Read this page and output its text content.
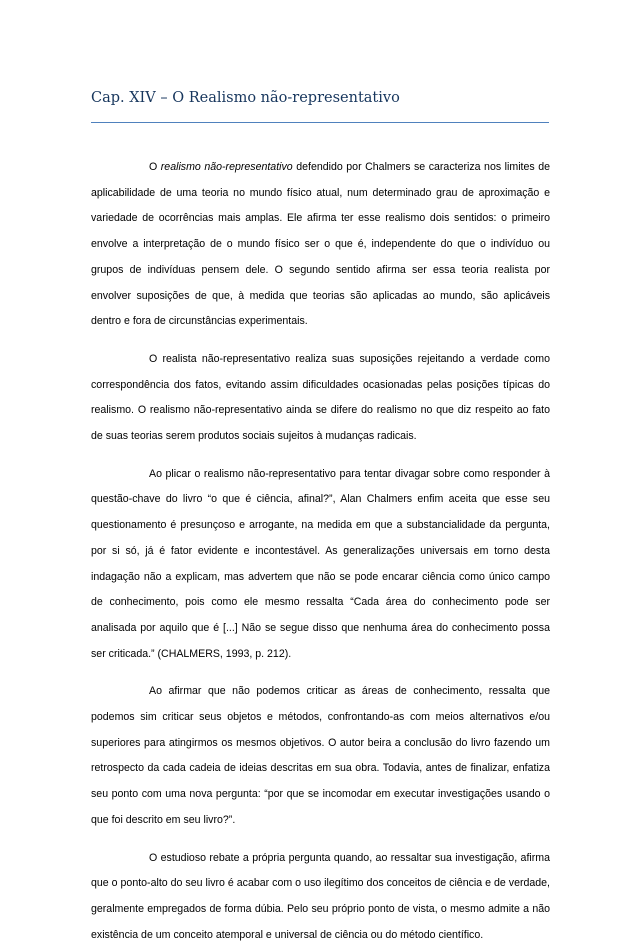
Cap. XIV – O Realismo não-representativo

O realismo não-representativo defendido por Chalmers se caracteriza nos limites de aplicabilidade de uma teoria no mundo físico atual, num determinado grau de aproximação e variedade de ocorrências mais amplas. Ele afirma ter esse realismo dois sentidos: o primeiro envolve a interpretação de o mundo físico ser o que é, independente do que o indivíduo ou grupos de indivíduas pensem dele. O segundo sentido afirma ser essa teoria realista por envolver suposições de que, à medida que teorias são aplicadas ao mundo, são aplicáveis dentro e fora de circunstâncias experimentais.

O realista não-representativo realiza suas suposições rejeitando a verdade como correspondência dos fatos, evitando assim dificuldades ocasionadas pelas posições típicas do realismo. O realismo não-representativo ainda se difere do realismo no que diz respeito ao fato de suas teorias serem produtos sociais sujeitos à mudanças radicais.

Ao plicar o realismo não-representativo para tentar divagar sobre como responder à questão-chave do livro “o que é ciência, afinal?”, Alan Chalmers enfim aceita que esse seu questionamento é presunçoso e arrogante, na medida em que a substancialidade da pergunta, por si só, já é fator evidente e incontestável. As generalizações universais em torno desta indagação não a explicam, mas advertem que não se pode encarar ciência como único campo de conhecimento, pois como ele mesmo ressalta “Cada área do conhecimento pode ser analisada por aquilo que é [...] Não se segue disso que nenhuma área do conhecimento possa ser criticada.” (CHALMERS, 1993, p. 212).

Ao afirmar que não podemos criticar as áreas de conhecimento, ressalta que podemos sim criticar seus objetos e métodos, confrontando-as com meios alternativos e/ou superiores para atingirmos os mesmos objetivos. O autor beira a conclusão do livro fazendo um retrospecto da cada cadeia de ideias descritas em sua obra. Todavia, antes de finalizar, enfatiza seu ponto com uma nova pergunta: “por que se incomodar em executar investigações usando o que foi descrito em seu livro?”.

O estudioso rebate a própria pergunta quando, ao ressaltar sua investigação, afirma que o ponto-alto do seu livro é acabar com o uso ilegítimo dos conceitos de ciência e de verdade, geralmente empregados de forma dúbia. Pelo seu próprio ponto de vista, o mesmo admite a não existência de um conceito atemporal e universal de ciência ou do método científico.
